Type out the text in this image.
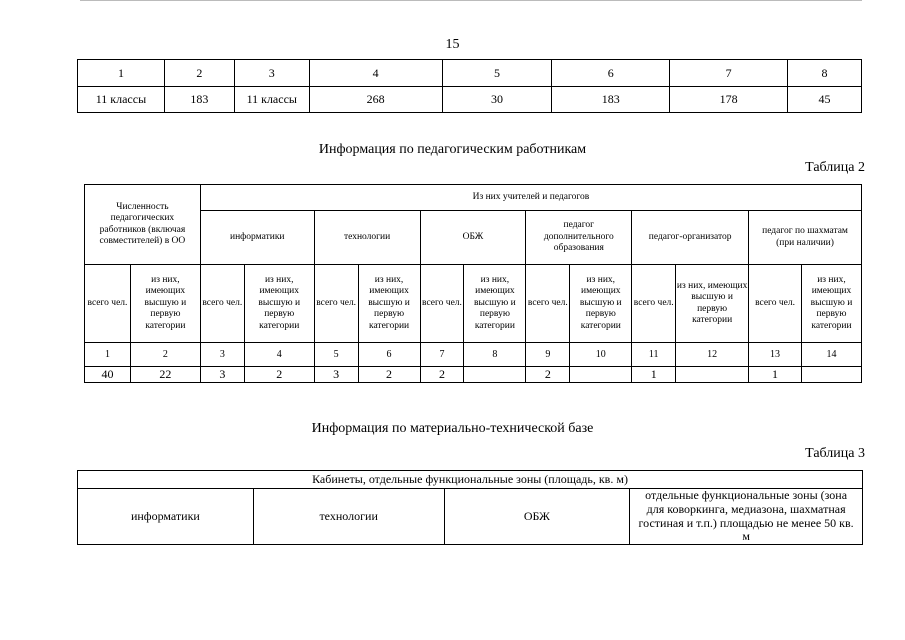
15
1	2	3	4	5	6	7	8
11 классы	183	11 классы	268	30	183	178	45
Информация по педагогическим работникам
Таблица 2
Численность педагогических работников (включая совместителей) в ОО		Из них учителей и педагогов											
		информатики		технологии		ОБЖ		педагог дополнительного образования		педагог-организатор		педагог по шахматам (при наличии)	
всего чел.	из них, имеющих высшую и первую категории	всего чел.	из них, имеющих высшую и первую категории	всего чел.	из них, имеющих высшую и первую категории	всего чел.	из них, имеющих высшую и первую категории	всего чел.	из них, имеющих высшую и первую категории	всего чел.	из них, имеющих высшую и первую категории	всего чел.	из них, имеющих высшую и первую категории
1	2	3	4	5	6	7	8	9	10	11	12	13	14
40	22	3	2	3	2	2		2		1		1	
Информация по материально-технической базе
Таблица 3
Кабинеты, отдельные функциональные зоны (площадь, кв. м)
информатики	технологии	ОБЖ	отдельные функциональные зоны (зона для коворкинга, медиазона, шахматная гостиная и т.п.) площадью не менее 50 кв. м
